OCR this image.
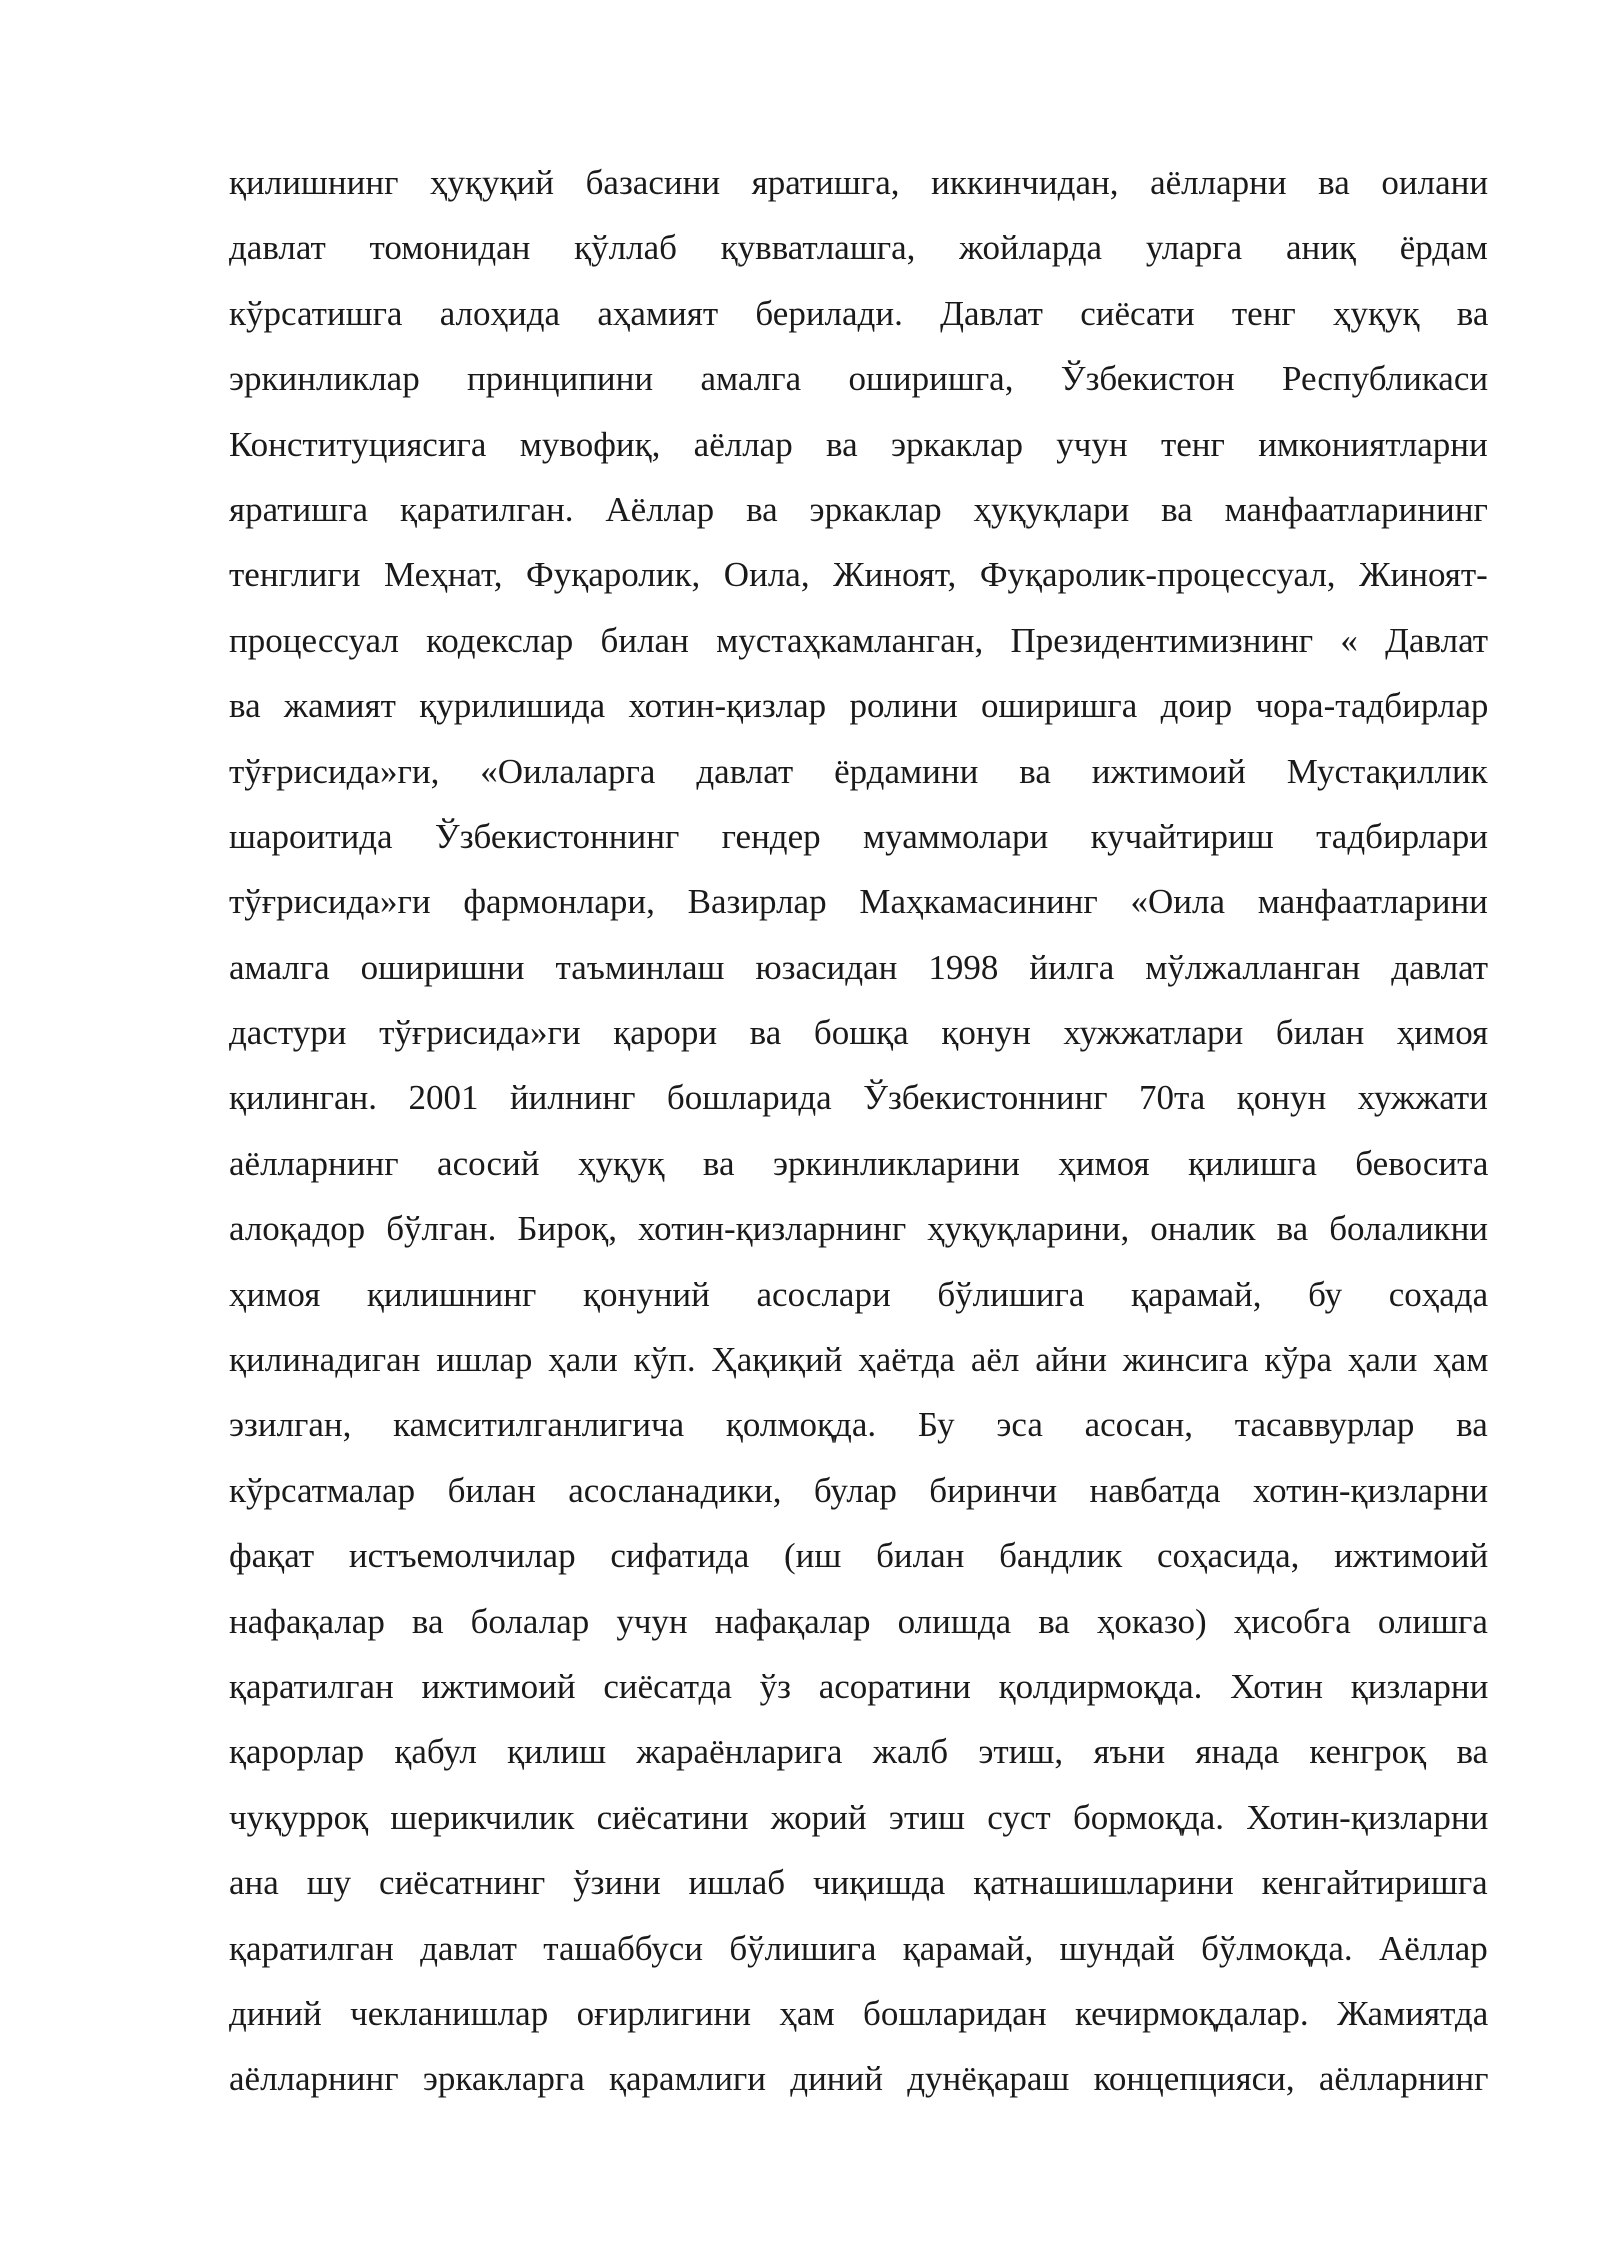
қилишнинг ҳуқуқий базасини яратишга, иккинчидан, аёлларни ва оилани
давлат томонидан қўллаб қувватлашга, жойларда уларга аниқ ёрдам
кўрсатишга алоҳида аҳамият берилади. Давлат сиёсати тенг ҳуқуқ ва
эркинликлар принципини амалга оширишга, Ўзбекистон Республикаси
Конституциясига мувофиқ, аёллар ва эркаклар учун тенг имкониятларни
яратишга қаратилган. Аёллар ва эркаклар ҳуқуқлари ва манфаатларининг
тенглиги Меҳнат, Фуқаролик, Оила, Жиноят, Фуқаролик-процессуал, Жиноят-
процессуал кодекслар билан мустаҳкамланган, Президентимизнинг « Давлат
ва жамият қурилишида хотин-қизлар ролини оширишга доир чора-тадбирлар
тўғрисида»ги, «Оилаларга давлат ёрдамини ва ижтимоий Мустақиллик
шароитида Ўзбекистоннинг гендер муаммолари кучайтириш тадбирлари
тўғрисида»ги фармонлари, Вазирлар Маҳкамасининг «Оила манфаатларини
амалга оширишни таъминлаш юзасидан 1998 йилга мўлжалланган давлат
дастури тўғрисида»ги қарори ва бошқа қонун хужжатлари билан ҳимоя
қилинган. 2001 йилнинг бошларида Ўзбекистоннинг 70та қонун хужжати
аёлларнинг асосий ҳуқуқ ва эркинликларини ҳимоя қилишга бевосита
алоқадор бўлган. Бироқ, хотин-қизларнинг ҳуқуқларини, оналик ва болаликни
ҳимоя қилишнинг қонуний асослари бўлишига қарамай, бу соҳада
қилинадиган ишлар ҳали кўп. Ҳақиқий ҳаётда аёл айни жинсига кўра ҳали ҳам
эзилган, камситилганлигича қолмоқда. Бу эса асосан, тасаввурлар ва
кўрсатмалар билан асосланадики, булар биринчи навбатда хотин-қизларни
фақат истъемолчилар сифатида (иш билан бандлик соҳасида, ижтимоий
нафақалар ва болалар учун нафақалар олишда ва ҳоказо) ҳисобга олишга
қаратилган ижтимоий сиёсатда ўз асоратини қолдирмоқда. Хотин қизларни
қарорлар қабул қилиш жараёнларига жалб этиш, яъни янада кенгроқ ва
чуқурроқ шерикчилик сиёсатини жорий этиш суст бормоқда. Хотин-қизларни
ана шу сиёсатнинг ўзини ишлаб чиқишда қатнашишларини кенгайтиришга
қаратилган давлат ташаббуси бўлишига қарамай, шундай бўлмоқда. Аёллар
диний чекланишлар оғирлигини ҳам бошларидан кечирмоқдалар. Жамиятда
аёлларнинг эркакларга қарамлиги диний дунёқараш концепцияси, аёлларнинг
